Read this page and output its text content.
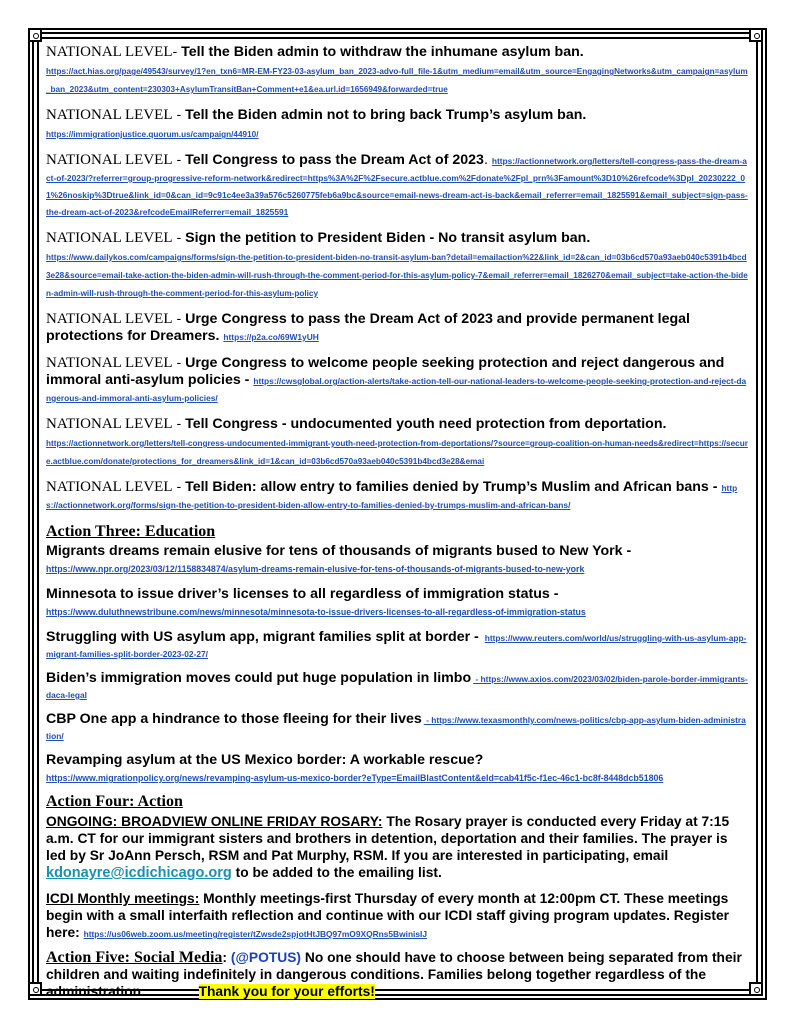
NATIONAL LEVEL- Tell the Biden admin to withdraw the inhumane asylum ban.
https://act.hias.org/page/49543/survey/1?en_txn6=MR-EM-FY23-03-asylum_ban_2023-advo-full_file-1&utm_medium=email&utm_source=EngagingNetworks&utm_campaign=asylum_ban_2023&utm_content=230303+AsylumTransitBan+Comment+e1&ea.url.id=1656949&forwarded=true
NATIONAL LEVEL - Tell the Biden admin not to bring back Trump’s asylum ban.
https://immigrationjustice.quorum.us/campaign/44910/
NATIONAL LEVEL - Tell Congress to pass the Dream Act of 2023. https://actionnetwork.org/letters/tell-congress-pass-the-dream-act-of-2023/?referrer=group-progressive-reform-network&redirect=https%3A%2F%2Fsecure.actblue.com%2Fdonate%2Fpl_prn%3Famount%3D10%26refcode%3Dpl_20230222_01%26noskip%3Dtrue&link_id=0&can_id=9c91c4ee3a39a576c5260775feb6a9bc&source=email-news-dream-act-is-back&email_referrer=email_1825591&email_subject=sign-pass-the-dream-act-of-2023&refcodeEmailReferrer=email_1825591
NATIONAL LEVEL - Sign the petition to President Biden - No transit asylum ban.
https://www.dailykos.com/campaigns/forms/sign-the-petition-to-president-biden-no-transit-asylum-ban?detail=emailaction%22&link_id=2&can_id=03b6cd570a93aeb040c5391b4bcd3e28&source=email-take-action-the-biden-admin-will-rush-through-the-comment-period-for-this-asylum-policy-7&email_referrer=email_1826270&email_subject=take-action-the-biden-admin-will-rush-through-the-comment-period-for-this-asylum-policy
NATIONAL LEVEL - Urge Congress to pass the Dream Act of 2023 and provide permanent legal protections for Dreamers. https://p2a.co/69W1yUH
NATIONAL LEVEL - Urge Congress to welcome people seeking protection and reject dangerous and immoral anti-asylum policies - https://cwsglobal.org/action-alerts/take-action-tell-our-national-leaders-to-welcome-people-seeking-protection-and-reject-dangerous-and-immoral-anti-asylum-policies/
NATIONAL LEVEL - Tell Congress - undocumented youth need protection from deportation.
https://actionnetwork.org/letters/tell-congress-undocumented-immigrant-youth-need-protection-from-deportations/?source=group-coalition-on-human-needs&redirect=https://secure.actblue.com/donate/protections_for_dreamers&link_id=1&can_id=03b6cd570a93aeb040c5391b4bcd3e28&emai
NATIONAL LEVEL - Tell Biden: allow entry to families denied by Trump’s Muslim and African bans - https://actionnetwork.org/forms/sign-the-petition-to-president-biden-allow-entry-to-families-denied-by-trumps-muslim-and-african-bans/
Action Three: Education
Migrants dreams remain elusive for tens of thousands of migrants bused to New York -
https://www.npr.org/2023/03/12/1158834874/asylum-dreams-remain-elusive-for-tens-of-thousands-of-migrants-bused-to-new-york
Minnesota to issue driver’s licenses to all regardless of immigration status -
https://www.duluthnewstribune.com/news/minnesota/minnesota-to-issue-drivers-licenses-to-all-regardless-of-immigration-status
Struggling with US asylum app, migrant families split at border - https://www.reuters.com/world/us/struggling-with-us-asylum-app-migrant-families-split-border-2023-02-27/
Biden’s immigration moves could put huge population in limbo - https://www.axios.com/2023/03/02/biden-parole-border-immigrants-daca-legal
CBP One app a hindrance to those fleeing for their lives - https://www.texasmonthly.com/news-politics/cbp-app-asylum-biden-administration/
Revamping asylum at the US Mexico border: A workable rescue?
https://www.migrationpolicy.org/news/revamping-asylum-us-mexico-border?eType=EmailBlastContent&eId=cab41f5c-f1ec-46c1-bc8f-8448dcb51806
Action Four: Action
ONGOING: BROADVIEW ONLINE FRIDAY ROSARY: The Rosary prayer is conducted every Friday at 7:15 a.m. CT for our immigrant sisters and brothers in detention, deportation and their families. The prayer is led by Sr JoAnn Persch, RSM and Pat Murphy, RSM. If you are interested in participating, email kdonayre@icdichicago.org to be added to the emailing list.
ICDI Monthly meetings: Monthly meetings-first Thursday of every month at 12:00pm CT. These meetings begin with a small interfaith reflection and continue with our ICDI staff giving program updates. Register here: https://us06web.zoom.us/meeting/register/tZwsde2spjotHtJBQ97mO9XQRns5BwinisIJ
Action Five: Social Media: (@POTUS) No one should have to choose between being separated from their children and waiting indefinitely in dangerous conditions. Families belong together regardless of the administration.	Thank you for your efforts!
